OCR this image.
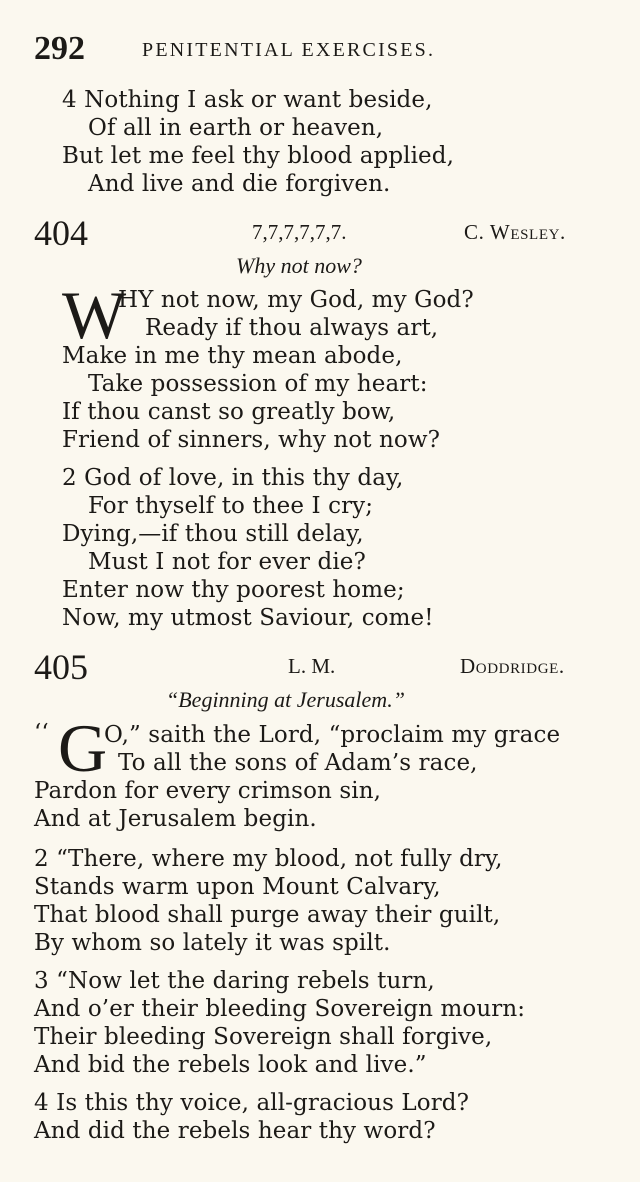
292	PENITENTIAL EXERCISES.
4 Nothing I ask or want beside,
Of all in earth or heaven,
But let me feel thy blood applied,
And live and die forgiven.
404	7,7,7,7,7,7.	C. Wesley.
Why not now?
W
HY not now, my God, my God?
Ready if thou always art,
Make in me thy mean abode,
Take possession of my heart:
If thou canst so greatly bow,
Friend of sinners, why not now?
2 God of love, in this thy day,
For thyself to thee I cry;
Dying,—if thou still delay,
Must I not for ever die?
Enter now thy poorest home;
Now, my utmost Saviour, come!
405	L. M.	Doddridge.
“Beginning at Jerusalem.”
‘‘ G
O,” saith the Lord, “proclaim my grace
To all the sons of Adam’s race,
Pardon for every crimson sin,
And at Jerusalem begin.
2 “There, where my blood, not fully dry,
Stands warm upon Mount Calvary,
That blood shall purge away their guilt,
By whom so lately it was spilt.
3 “Now let the daring rebels turn,
And o’er their bleeding Sovereign mourn:
Their bleeding Sovereign shall forgive,
And bid the rebels look and live.”
4 Is this thy voice, all-gracious Lord?
And did the rebels hear thy word?
